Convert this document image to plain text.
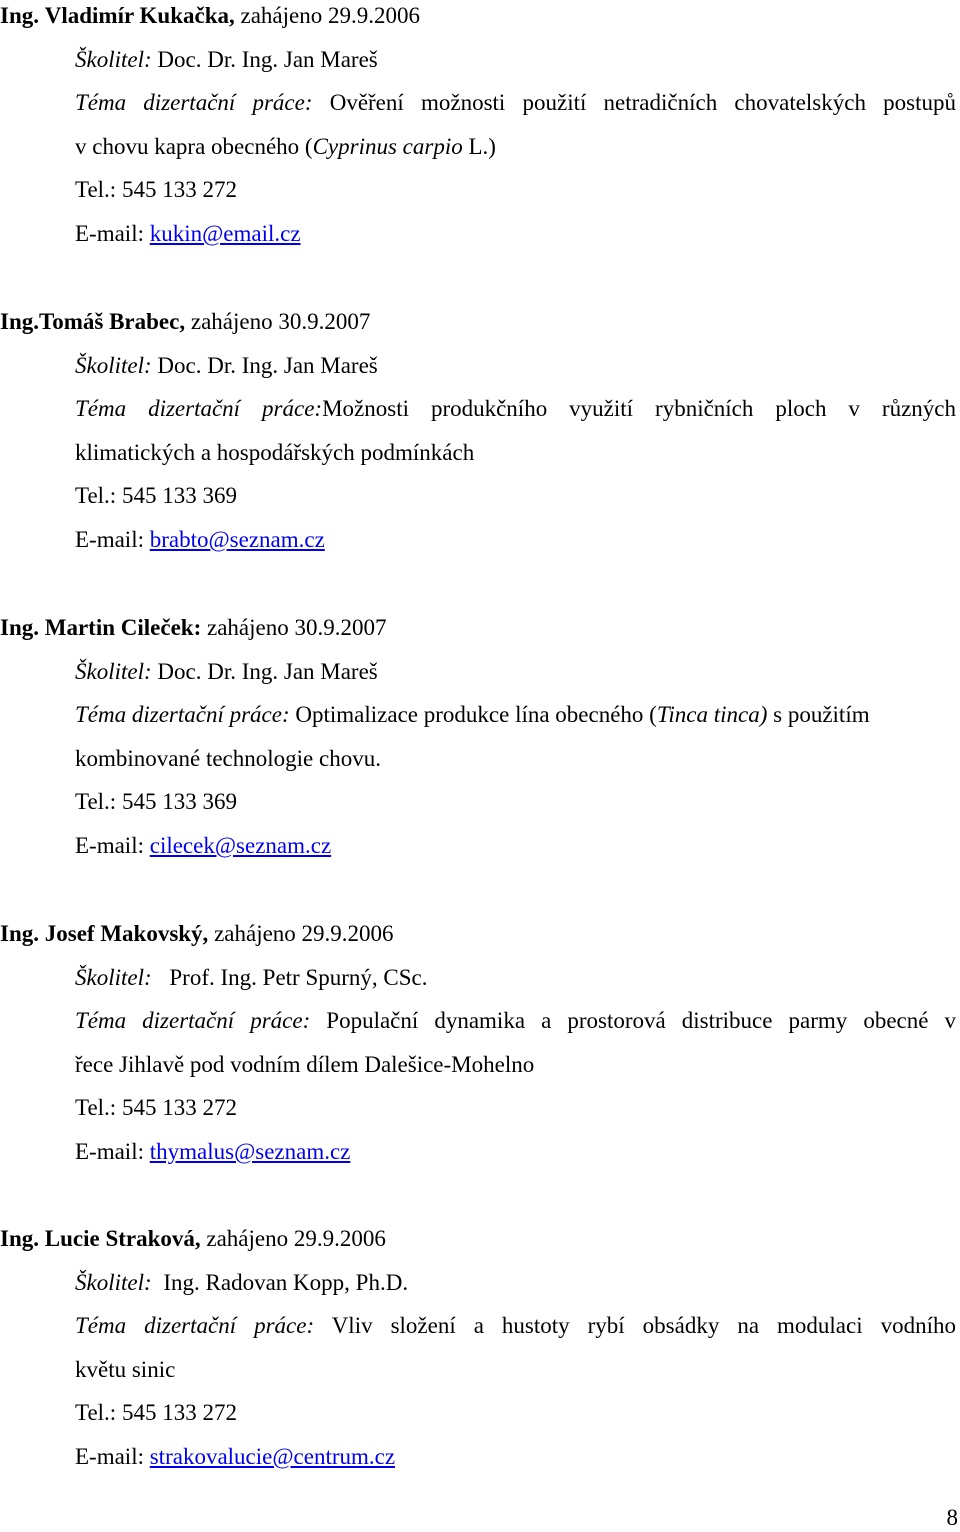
Ing. Vladimír Kukačka, zahájeno 29.9.2006
Školitel: Doc. Dr. Ing. Jan Mareš
Téma dizertační práce: Ověření možnosti použití netradičních chovatelských postupů
v chovu kapra obecného (Cyprinus carpio L.)
Tel.: 545 133 272
E-mail: kukin@email.cz
Ing.Tomáš Brabec, zahájeno 30.9.2007
Školitel: Doc. Dr. Ing. Jan Mareš
Téma dizertační práce:Možnosti produkčního využití rybničních ploch v různých
klimatických a hospodářských podmínkách
Tel.: 545 133 369
E-mail: brabto@seznam.cz
Ing. Martin Cileček: zahájeno 30.9.2007
Školitel: Doc. Dr. Ing. Jan Mareš
Téma dizertační práce: Optimalizace produkce lína obecného (Tinca tinca) s použitím
kombinované technologie chovu.
Tel.: 545 133 369
E-mail: cilecek@seznam.cz
Ing. Josef Makovský, zahájeno 29.9.2006
Školitel: Prof. Ing. Petr Spurný, CSc.
Téma dizertační práce: Populační dynamika a prostorová distribuce parmy obecné v
řece Jihlavě pod vodním dílem Dalešice-Mohelno
Tel.: 545 133 272
E-mail: thymalus@seznam.cz
Ing. Lucie Straková, zahájeno 29.9.2006
Školitel: Ing. Radovan Kopp, Ph.D.
Téma dizertační práce: Vliv složení a hustoty rybí obsádky na modulaci vodního
květu sinic
Tel.: 545 133 272
E-mail: strakovalucie@centrum.cz
8
